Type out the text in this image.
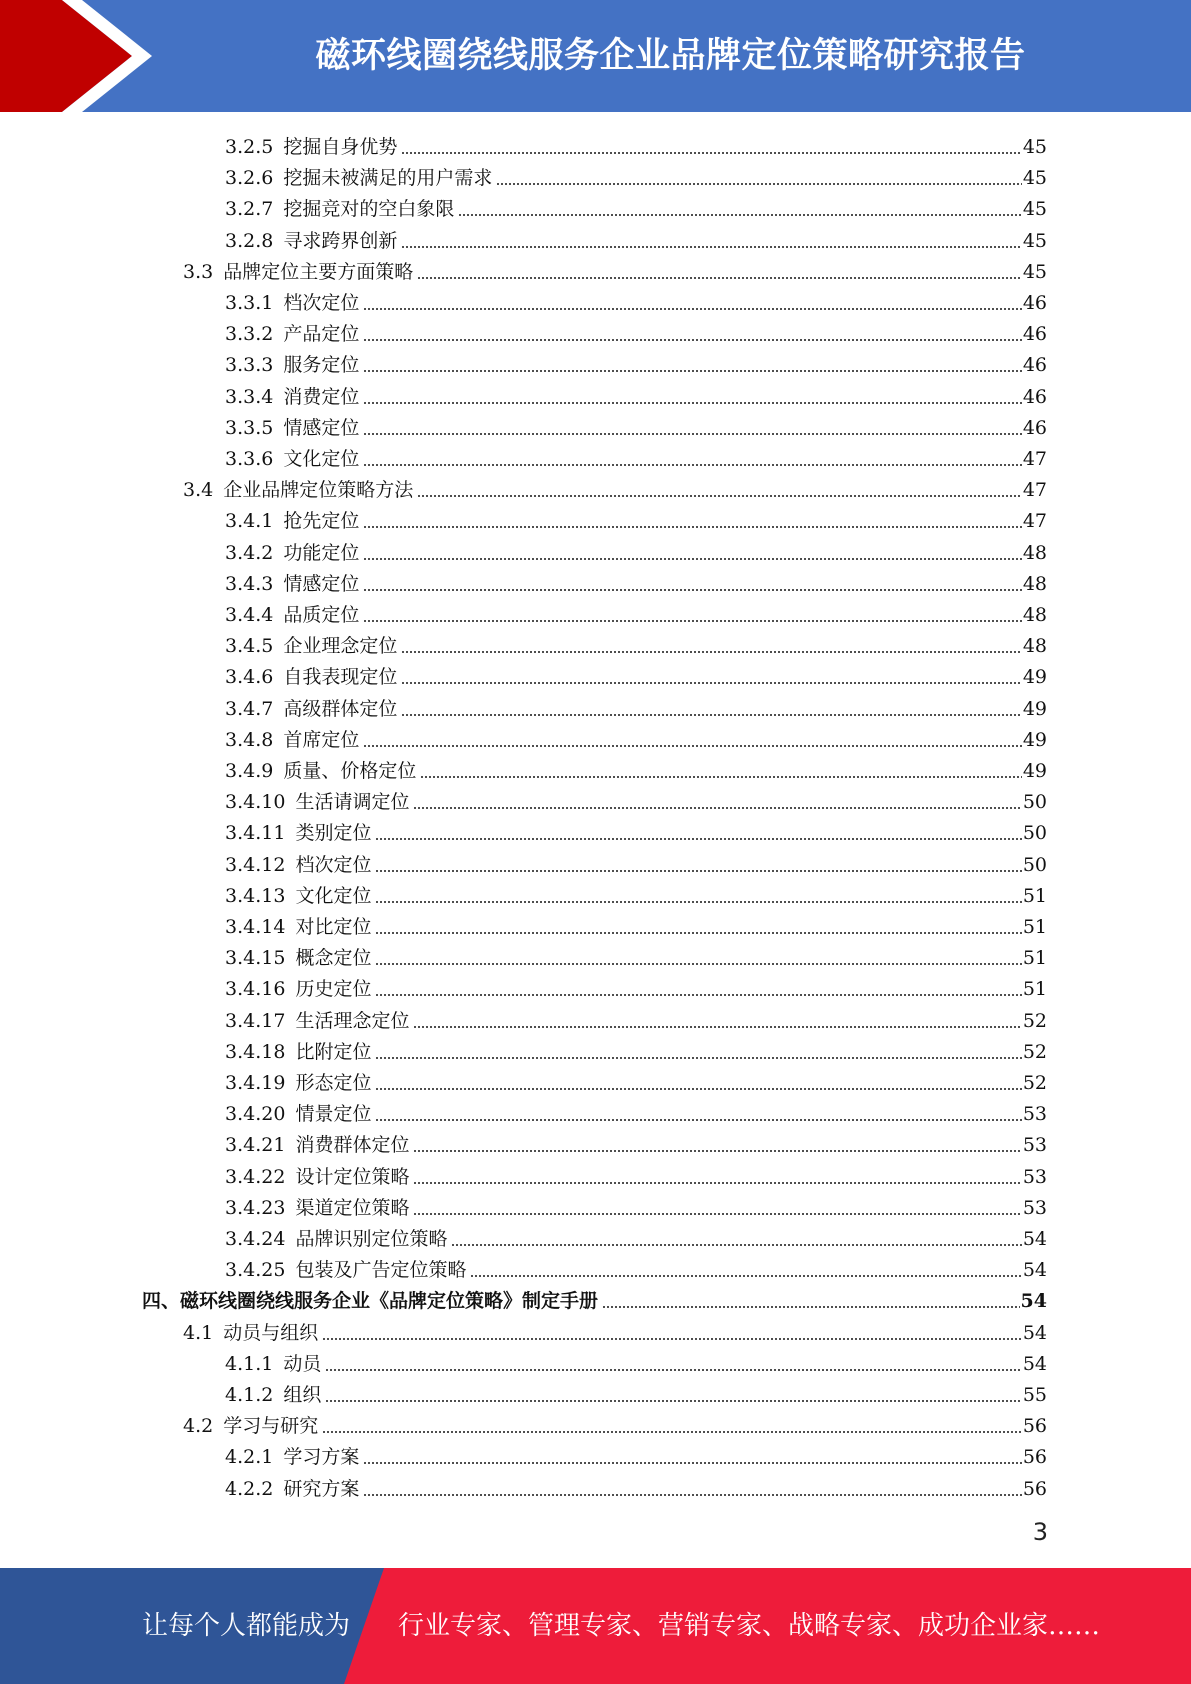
磁环线圈绕线服务企业品牌定位策略研究报告
3.2.5 挖掘自身优势	45
3.2.6 挖掘未被满足的用户需求	45
3.2.7 挖掘竞对的空白象限	45
3.2.8 寻求跨界创新	45
3.3 品牌定位主要方面策略	45
3.3.1 档次定位	46
3.3.2 产品定位	46
3.3.3 服务定位	46
3.3.4 消费定位	46
3.3.5 情感定位	46
3.3.6 文化定位	47
3.4 企业品牌定位策略方法	47
3.4.1 抢先定位	47
3.4.2 功能定位	48
3.4.3 情感定位	48
3.4.4 品质定位	48
3.4.5 企业理念定位	48
3.4.6 自我表现定位	49
3.4.7 高级群体定位	49
3.4.8 首席定位	49
3.4.9 质量、价格定位	49
3.4.10 生活请调定位	50
3.4.11 类别定位	50
3.4.12 档次定位	50
3.4.13 文化定位	51
3.4.14 对比定位	51
3.4.15 概念定位	51
3.4.16 历史定位	51
3.4.17 生活理念定位	52
3.4.18 比附定位	52
3.4.19 形态定位	52
3.4.20 情景定位	53
3.4.21 消费群体定位	53
3.4.22 设计定位策略	53
3.4.23 渠道定位策略	53
3.4.24 品牌识别定位策略	54
3.4.25 包装及广告定位策略	54
四、磁环线圈绕线服务企业《品牌定位策略》制定手册	54
4.1 动员与组织	54
4.1.1 动员	54
4.1.2 组织	55
4.2 学习与研究	56
4.2.1 学习方案	56
4.2.2 研究方案	56
3
让每个人都能成为 行业专家、管理专家、营销专家、战略专家、成功企业家……
